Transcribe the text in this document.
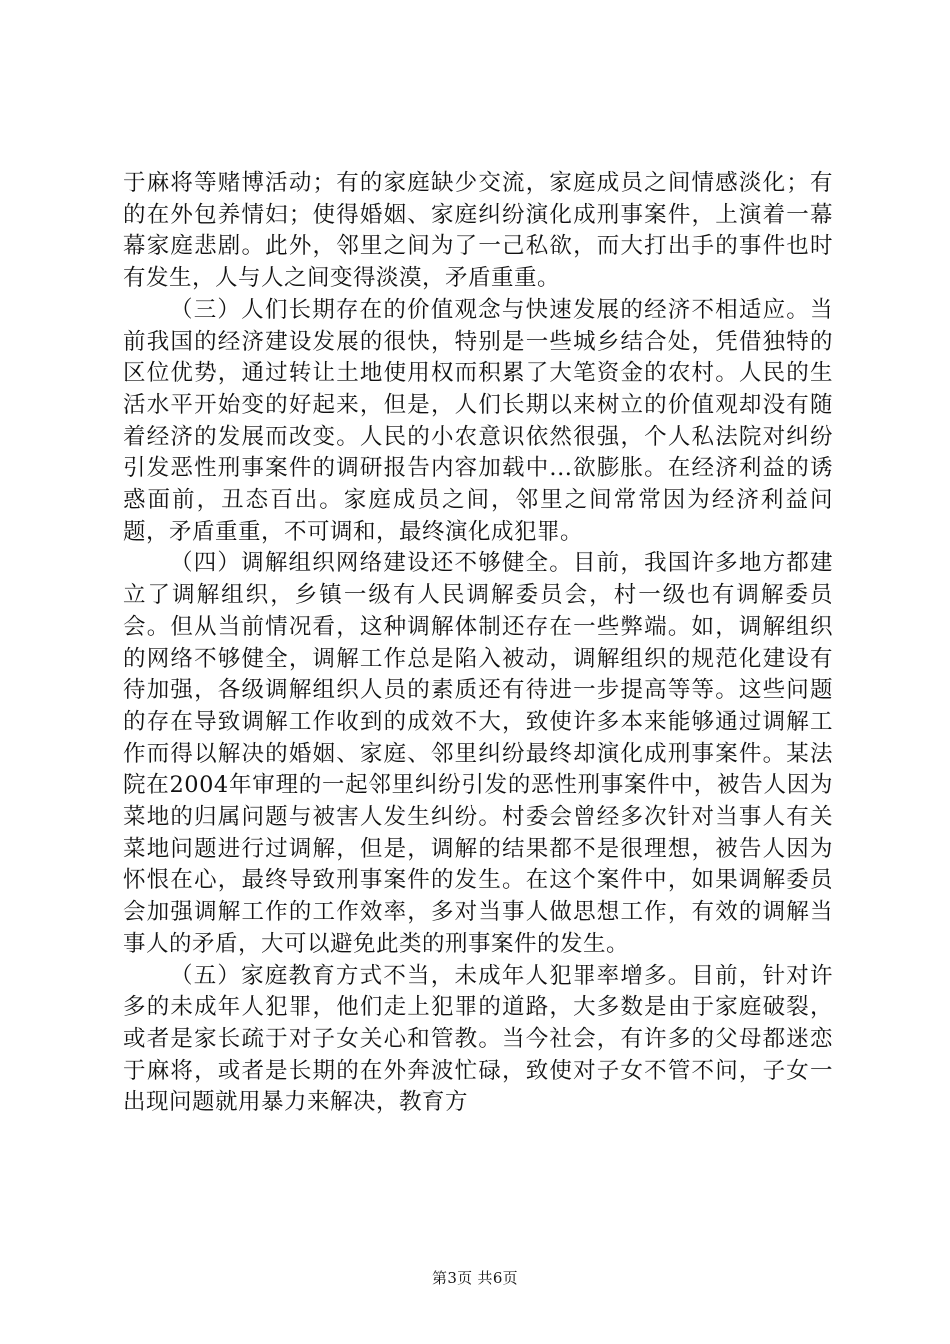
于麻将等赌博活动；有的家庭缺少交流，家庭成员之间情感淡化；有的在外包养情妇；使得婚姻、家庭纠纷演化成刑事案件，上演着一幕幕家庭悲剧。此外，邻里之间为了一己私欲，而大打出手的事件也时有发生，人与人之间变得淡漠，矛盾重重。

（三）人们长期存在的价值观念与快速发展的经济不相适应。当前我国的经济建设发展的很快，特别是一些城乡结合处，凭借独特的区位优势，通过转让土地使用权而积累了大笔资金的农村。人民的生活水平开始变的好起来，但是，人们长期以来树立的价值观却没有随着经济的发展而改变。人民的小农意识依然很强，个人私法院对纠纷引发恶性刑事案件的调研报告内容加载中...欲膨胀。在经济利益的诱惑面前，丑态百出。家庭成员之间，邻里之间常常因为经济利益问题，矛盾重重，不可调和，最终演化成犯罪。

（四）调解组织网络建设还不够健全。目前，我国许多地方都建立了调解组织，乡镇一级有人民调解委员会，村一级也有调解委员会。但从当前情况看，这种调解体制还存在一些弊端。如，调解组织的网络不够健全，调解工作总是陷入被动，调解组织的规范化建设有待加强，各级调解组织人员的素质还有待进一步提高等等。这些问题的存在导致调解工作收到的成效不大，致使许多本来能够通过调解工作而得以解决的婚姻、家庭、邻里纠纷最终却演化成刑事案件。某法院在2004年审理的一起邻里纠纷引发的恶性刑事案件中，被告人因为菜地的归属问题与被害人发生纠纷。村委会曾经多次针对当事人有关菜地问题进行过调解，但是，调解的结果都不是很理想，被告人因为怀恨在心，最终导致刑事案件的发生。在这个案件中，如果调解委员会加强调解工作的工作效率，多对当事人做思想工作，有效的调解当事人的矛盾，大可以避免此类的刑事案件的发生。

（五）家庭教育方式不当，未成年人犯罪率增多。目前，针对许多的未成年人犯罪，他们走上犯罪的道路，大多数是由于家庭破裂，或者是家长疏于对子女关心和管教。当今社会，有许多的父母都迷恋于麻将，或者是长期的在外奔波忙碌，致使对子女不管不问，子女一出现问题就用暴力来解决，教育方

第3页 共6页
